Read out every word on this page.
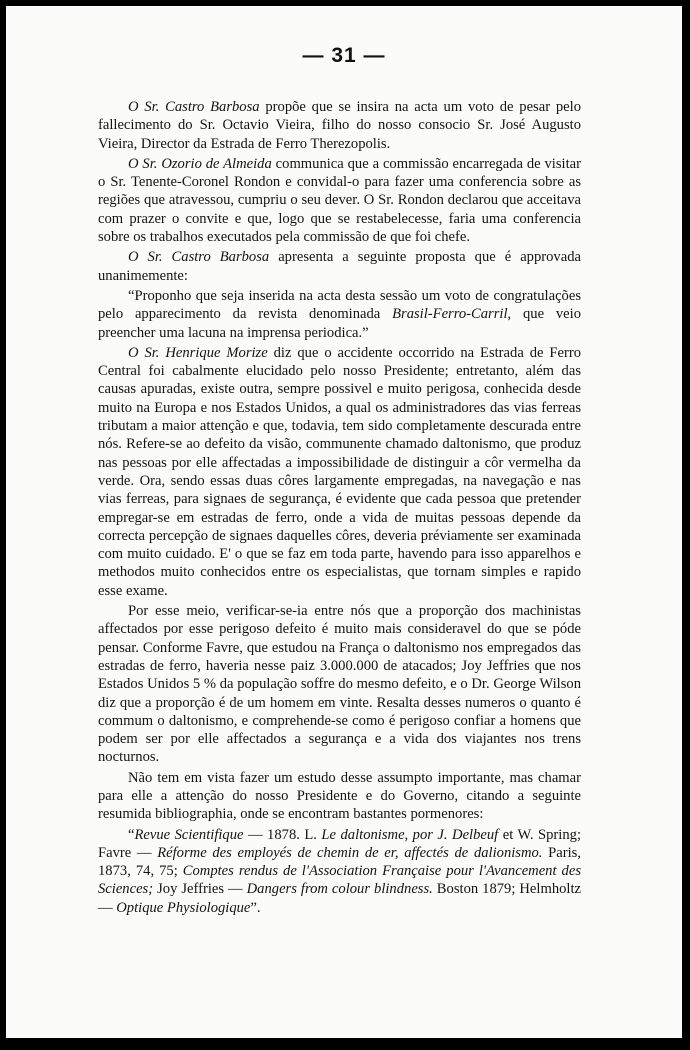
— 31 —

O Sr. Castro Barbosa propõe que se insira na acta um voto de pesar pelo fallecimento do Sr. Octavio Vieira, filho do nosso consocio Sr. José Augusto Vieira, Director da Estrada de Ferro Therezopolis.

O Sr. Ozorio de Almeida communica que a commissão encarregada de visitar o Sr. Tenente-Coronel Rondon e convidal-o para fazer uma conferencia sobre as regiões que atravessou, cumpriu o seu dever. O Sr. Rondon declarou que acceitava com prazer o convite e que, logo que se restabelecesse, faria uma conferencia sobre os trabalhos executados pela commissão de que foi chefe.

O Sr. Castro Barbosa apresenta a seguinte proposta que é approvada unanimemente:

“Proponho que seja inserida na acta desta sessão um voto de congratulações pelo apparecimento da revista denominada Brasil-Ferro-Carril, que veio preencher uma lacuna na imprensa periodica.”

O Sr. Henrique Morize diz que o accidente occorrido na Estrada de Ferro Central foi cabalmente elucidado pelo nosso Presidente; entretanto, além das causas apuradas, existe outra, sempre possivel e muito perigosa, conhecida desde muito na Europa e nos Estados Unidos, a qual os administradores das vias ferreas tributam a maior attenção e que, todavia, tem sido completamente descurada entre nós. Refere-se ao defeito da visão, communente chamado daltonismo, que produz nas pessoas por elle affectadas a impossibilidade de distinguir a côr vermelha da verde. Ora, sendo essas duas côres largamente empregadas, na navegação e nas vias ferreas, para signaes de segurança, é evidente que cada pessoa que pretender empregar-se em estradas de ferro, onde a vida de muitas pessoas depende da correcta percepção de signaes daquelles côres, deveria préviamente ser examinada com muito cuidado. E' o que se faz em toda parte, havendo para isso apparelhos e methodos muito conhecidos entre os especialistas, que tornam simples e rapido esse exame.

Por esse meio, verificar-se-ia entre nós que a proporção dos machinistas affectados por esse perigoso defeito é muito mais consideravel do que se póde pensar. Conforme Favre, que estudou na França o daltonismo nos empregados das estradas de ferro, haveria nesse paiz 3.000.000 de atacados; Joy Jeffries que nos Estados Unidos 5 % da população soffre do mesmo defeito, e o Dr. George Wilson diz que a proporção é de um homem em vinte. Resalta desses numeros o quanto é commum o daltonismo, e comprehende-se como é perigoso confiar a homens que podem ser por elle affectados a segurança e a vida dos viajantes nos trens nocturnos.

Não tem em vista fazer um estudo desse assumpto importante, mas chamar para elle a attenção do nosso Presidente e do Governo, citando a seguinte resumida bibliographia, onde se encontram bastantes pormenores:

“Revue Scientifique — 1878. L. Le daltonisme, por J. Delbeuf et W. Spring; Favre — Réforme des employés de chemin de er, affectés de dalionismo. Paris, 1873, 74, 75; Comptes rendus de l'Association Française pour l'Avancement des Sciences; Joy Jeffries — Dangers from colour blindness. Boston 1879; Helmholtz — Optique Physiologique”.
